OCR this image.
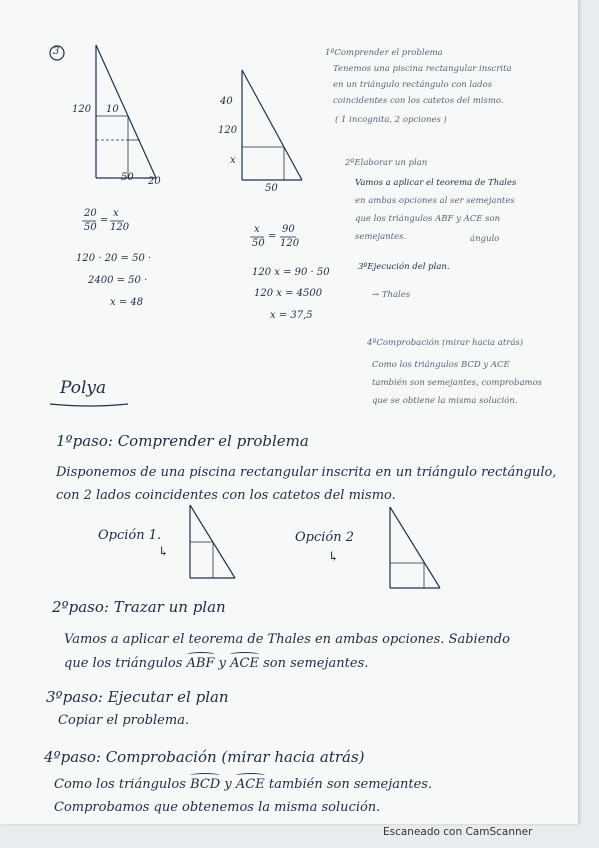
3
120 10
50 20
40
120
x
50
20
50
=
x
120	x
50
=
90
120
120 · 20 = 50 ·
2400 = 50 ·
x = 48
120 x = 90 · 50
120 x = 4500
x = 37,5
1ºComprender el problema
Tenemos una piscina rectangular inscrita
en un triángulo rectángulo con lados
coincidentes con los catetos del mismo.
( 1 incognita, 2 opciones )
2ºElaborar un plan
Vamos a aplicar el teorema de Thales
en ambas opciones al ser semejantes
que los triángulos ABF y ACE son
semejantes.	ángulo
3ºEjecución del plan.
→ Thales
4ºComprobación (mirar hacia atrás)
Como los triángulos BCD y ACE
también son semejantes, comprobamos
que se obtiene la misma solución.
Polya
1ºpaso: Comprender el problema
Disponemos de una piscina rectangular inscrita en un triángulo rectángulo,
con 2 lados coincidentes con los catetos del mismo.
Opción 1.
↳
Opción 2
↳
2ºpaso: Trazar un plan
Vamos a aplicar el teorema de Thales en ambas opciones. Sabiendo
que los triángulos ABF y ACE son semejantes.
3ºpaso: Ejecutar el plan
Copiar el problema.
4ºpaso: Comprobación (mirar hacia atrás)
Como los triángulos BCD y ACE también son semejantes.
Comprobamos que obtenemos la misma solución.
Escaneado con CamScanner
